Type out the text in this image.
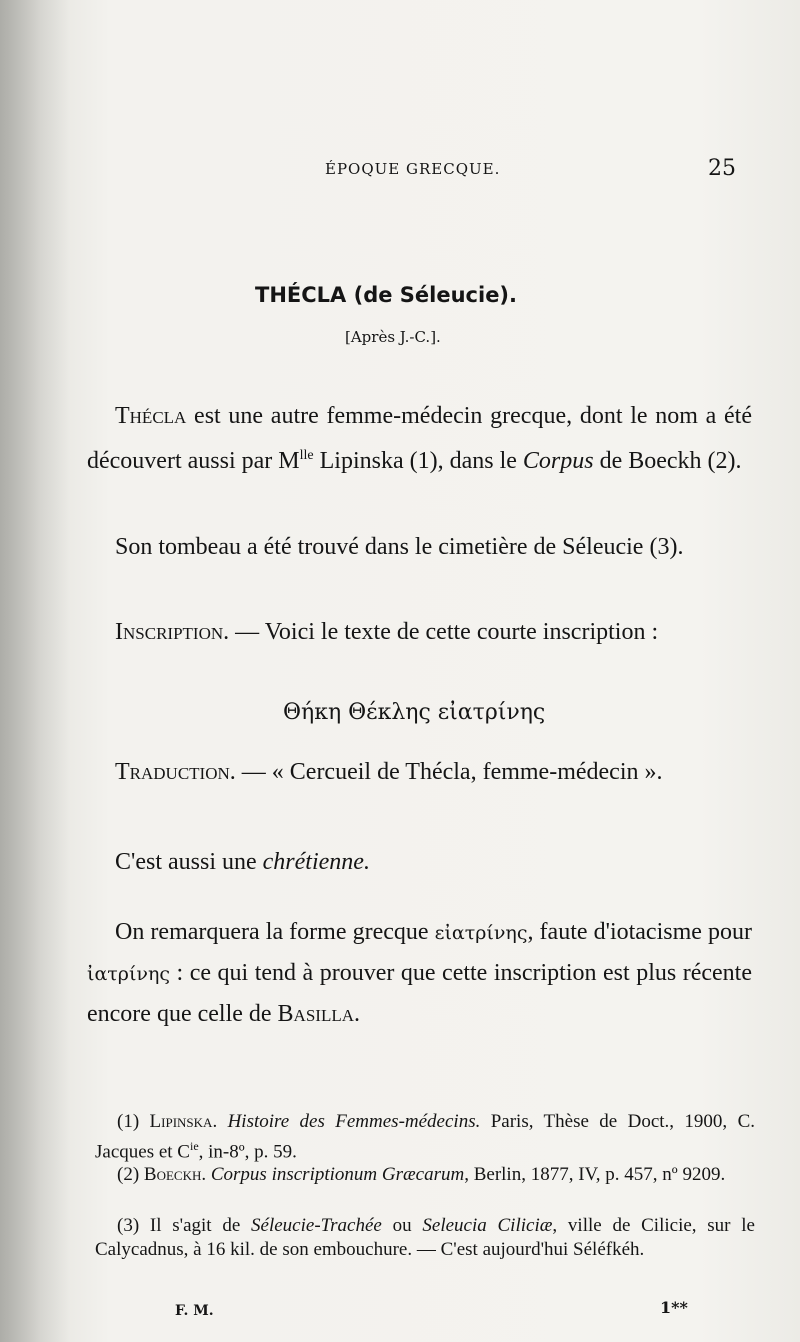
ÉPOQUE GRECQUE.	25
THÉCLA (de Séleucie).
[Après J.-C.].
Thécla est une autre femme-médecin grecque, dont le nom a été découvert aussi par $M^{lle}$ Lipinska (1), dans le Corpus de Boeckh (2).
Son tombeau a été trouvé dans le cimetière de Séleucie (3).
Inscription. — Voici le texte de cette courte inscription :
Θήκη Θέκλης εἰατρίνης
Traduction. — « Cercueil de Thécla, femme-médecin ».
C'est aussi une chrétienne.
On remarquera la forme grecque εἰατρίνης, faute d'iotacisme pour ἰατρίνης : ce qui tend à prouver que cette inscription est plus récente encore que celle de Basilla.
(1) Lipinska. Histoire des Femmes-médecins. Paris, Thèse de Doct., 1900, C. Jacques et $C^{ie}$, in-8º, p. 59.
(2) Boeckh. Corpus inscriptionum Græcarum, Berlin, 1877, IV, p. 457, nº 9209.
(3) Il s'agit de Séleucie-Trachée ou Seleucia Ciliciæ, ville de Cilicie, sur le Calycadnus, à 16 kil. de son embouchure. — C'est aujourd'hui Séléfkéh.
F. M.	1**
